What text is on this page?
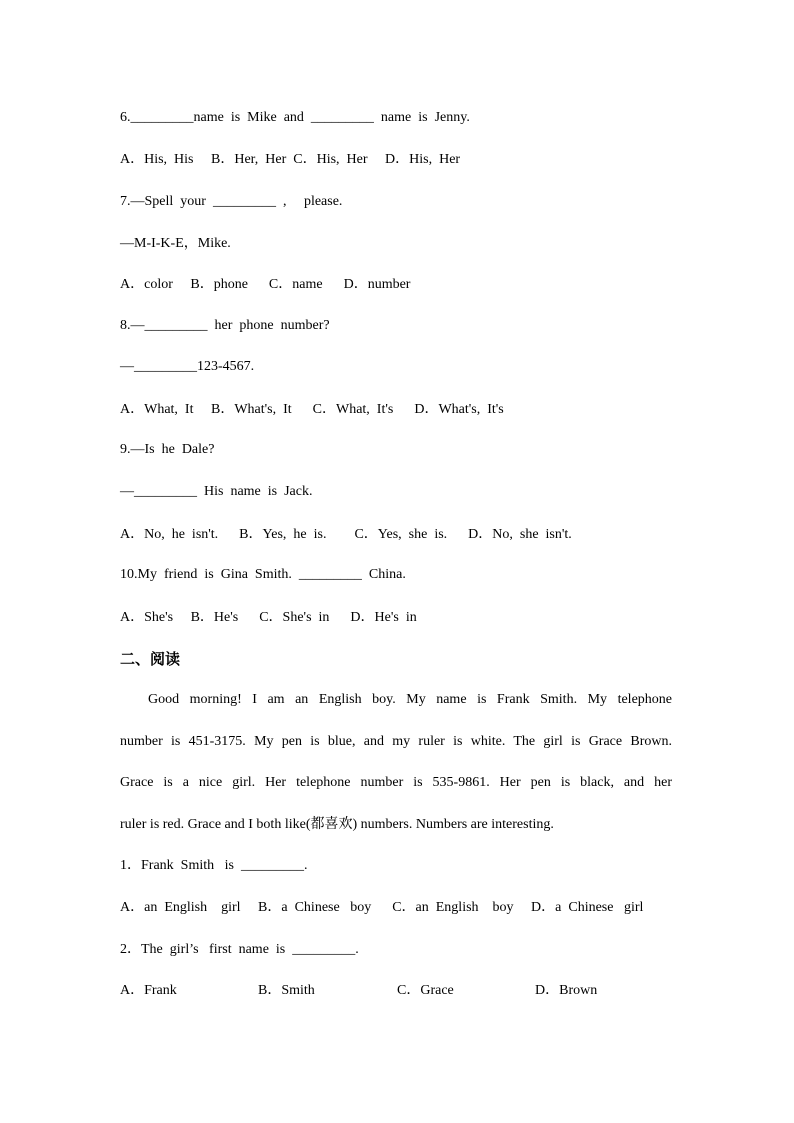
6._________name  is  Mike  and  _________  name  is  Jenny.
A．His,  His     B．Her,  Her  C．His,  Her     D．His,  Her
7.—Spell  your  _________  ,     please.
—M-I-K-E，Mike.
A．color     B．phone      C．name      D．number
8.—_________  her  phone  number?
—_________123-4567.
A．What,  It     B．What's,  It      C．What,  It's      D．What's,  It's
9.—Is  he  Dale?
—_________  His  name  is  Jack.
A．No,  he  isn't.      B．Yes,  he  is.        C．Yes,  she  is.      D．No,  she  isn't.
10.My  friend  is  Gina  Smith.  _________  China.
A．She's     B．He's      C．She's  in      D．He's  in
二、阅读
Good morning! I am an English boy. My name is Frank Smith. My telephone
number is 451-3175. My pen is blue, and my ruler is white. The girl is Grace Brown.
Grace is a nice girl. Her telephone number is 535-9861. Her pen is black, and her
ruler is red. Grace and I both like(都喜欢) numbers. Numbers are interesting.
1．Frank  Smith   is  _________.
A．an  English    girl     B．a  Chinese   boy      C．an  English    boy     D．a  Chinese   girl
2．The  girl’s   first  name  is  _________.
A．Frank	B．Smith	C．Grace	D．Brown
